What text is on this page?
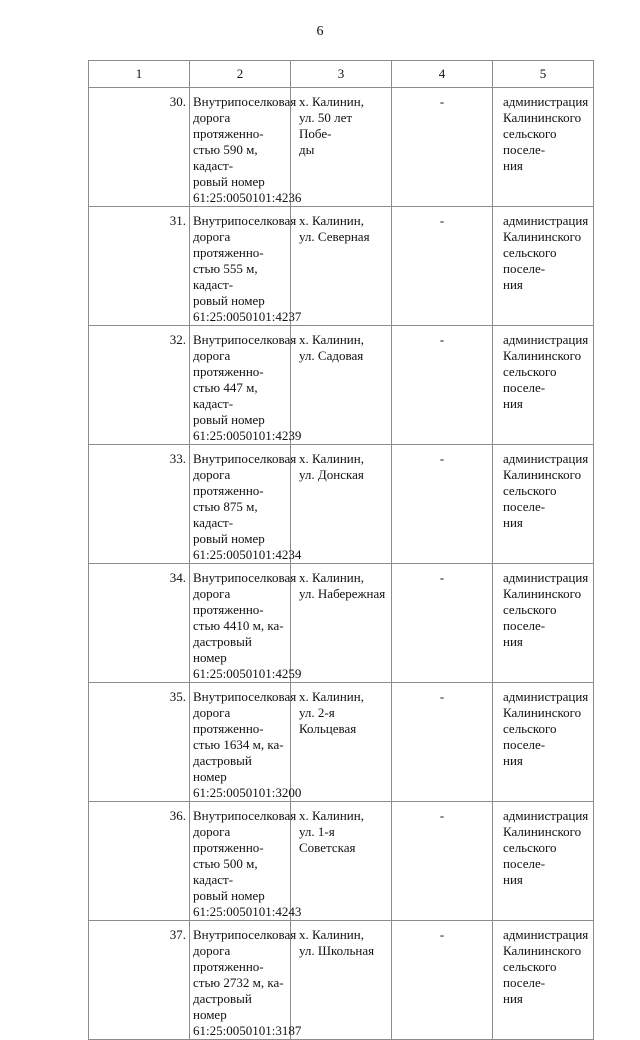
6
1	2	3	4	5

30.	Внутрипоселковая
дорога протяженно-
стью 590 м, кадаст-
ровый номер
61:25:0050101:4236	х. Калинин,
ул. 50 лет Побе-
ды	-	администрация
Калининского
сельского поселе-
ния

31.	Внутрипоселковая
дорога протяженно-
стью 555 м, кадаст-
ровый номер
61:25:0050101:4237	х. Калинин,
ул. Северная	-	администрация
Калининского
сельского поселе-
ния

32.	Внутрипоселковая
дорога протяженно-
стью 447 м, кадаст-
ровый номер
61:25:0050101:4239	х. Калинин,
ул. Садовая	-	администрация
Калининского
сельского поселе-
ния

33.	Внутрипоселковая
дорога протяженно-
стью 875 м, кадаст-
ровый номер
61:25:0050101:4234	х. Калинин,
ул. Донская	-	администрация
Калининского
сельского поселе-
ния

34.	Внутрипоселковая
дорога протяженно-
стью 4410 м, ка-
дастровый номер
61:25:0050101:4259	х. Калинин,
ул. Набережная	-	администрация
Калининского
сельского поселе-
ния

35.	Внутрипоселковая
дорога протяженно-
стью 1634 м, ка-
дастровый номер
61:25:0050101:3200	х. Калинин,
ул. 2-я Кольцевая	-	администрация
Калининского
сельского поселе-
ния

36.	Внутрипоселковая
дорога протяженно-
стью 500 м, кадаст-
ровый номер
61:25:0050101:4243	х. Калинин,
ул. 1-я Советская	-	администрация
Калининского
сельского поселе-
ния

37.	Внутрипоселковая
дорога протяженно-
стью 2732 м, ка-
дастровый номер
61:25:0050101:3187	х. Калинин,
ул. Школьная	-	администрация
Калининского
сельского поселе-
ния
